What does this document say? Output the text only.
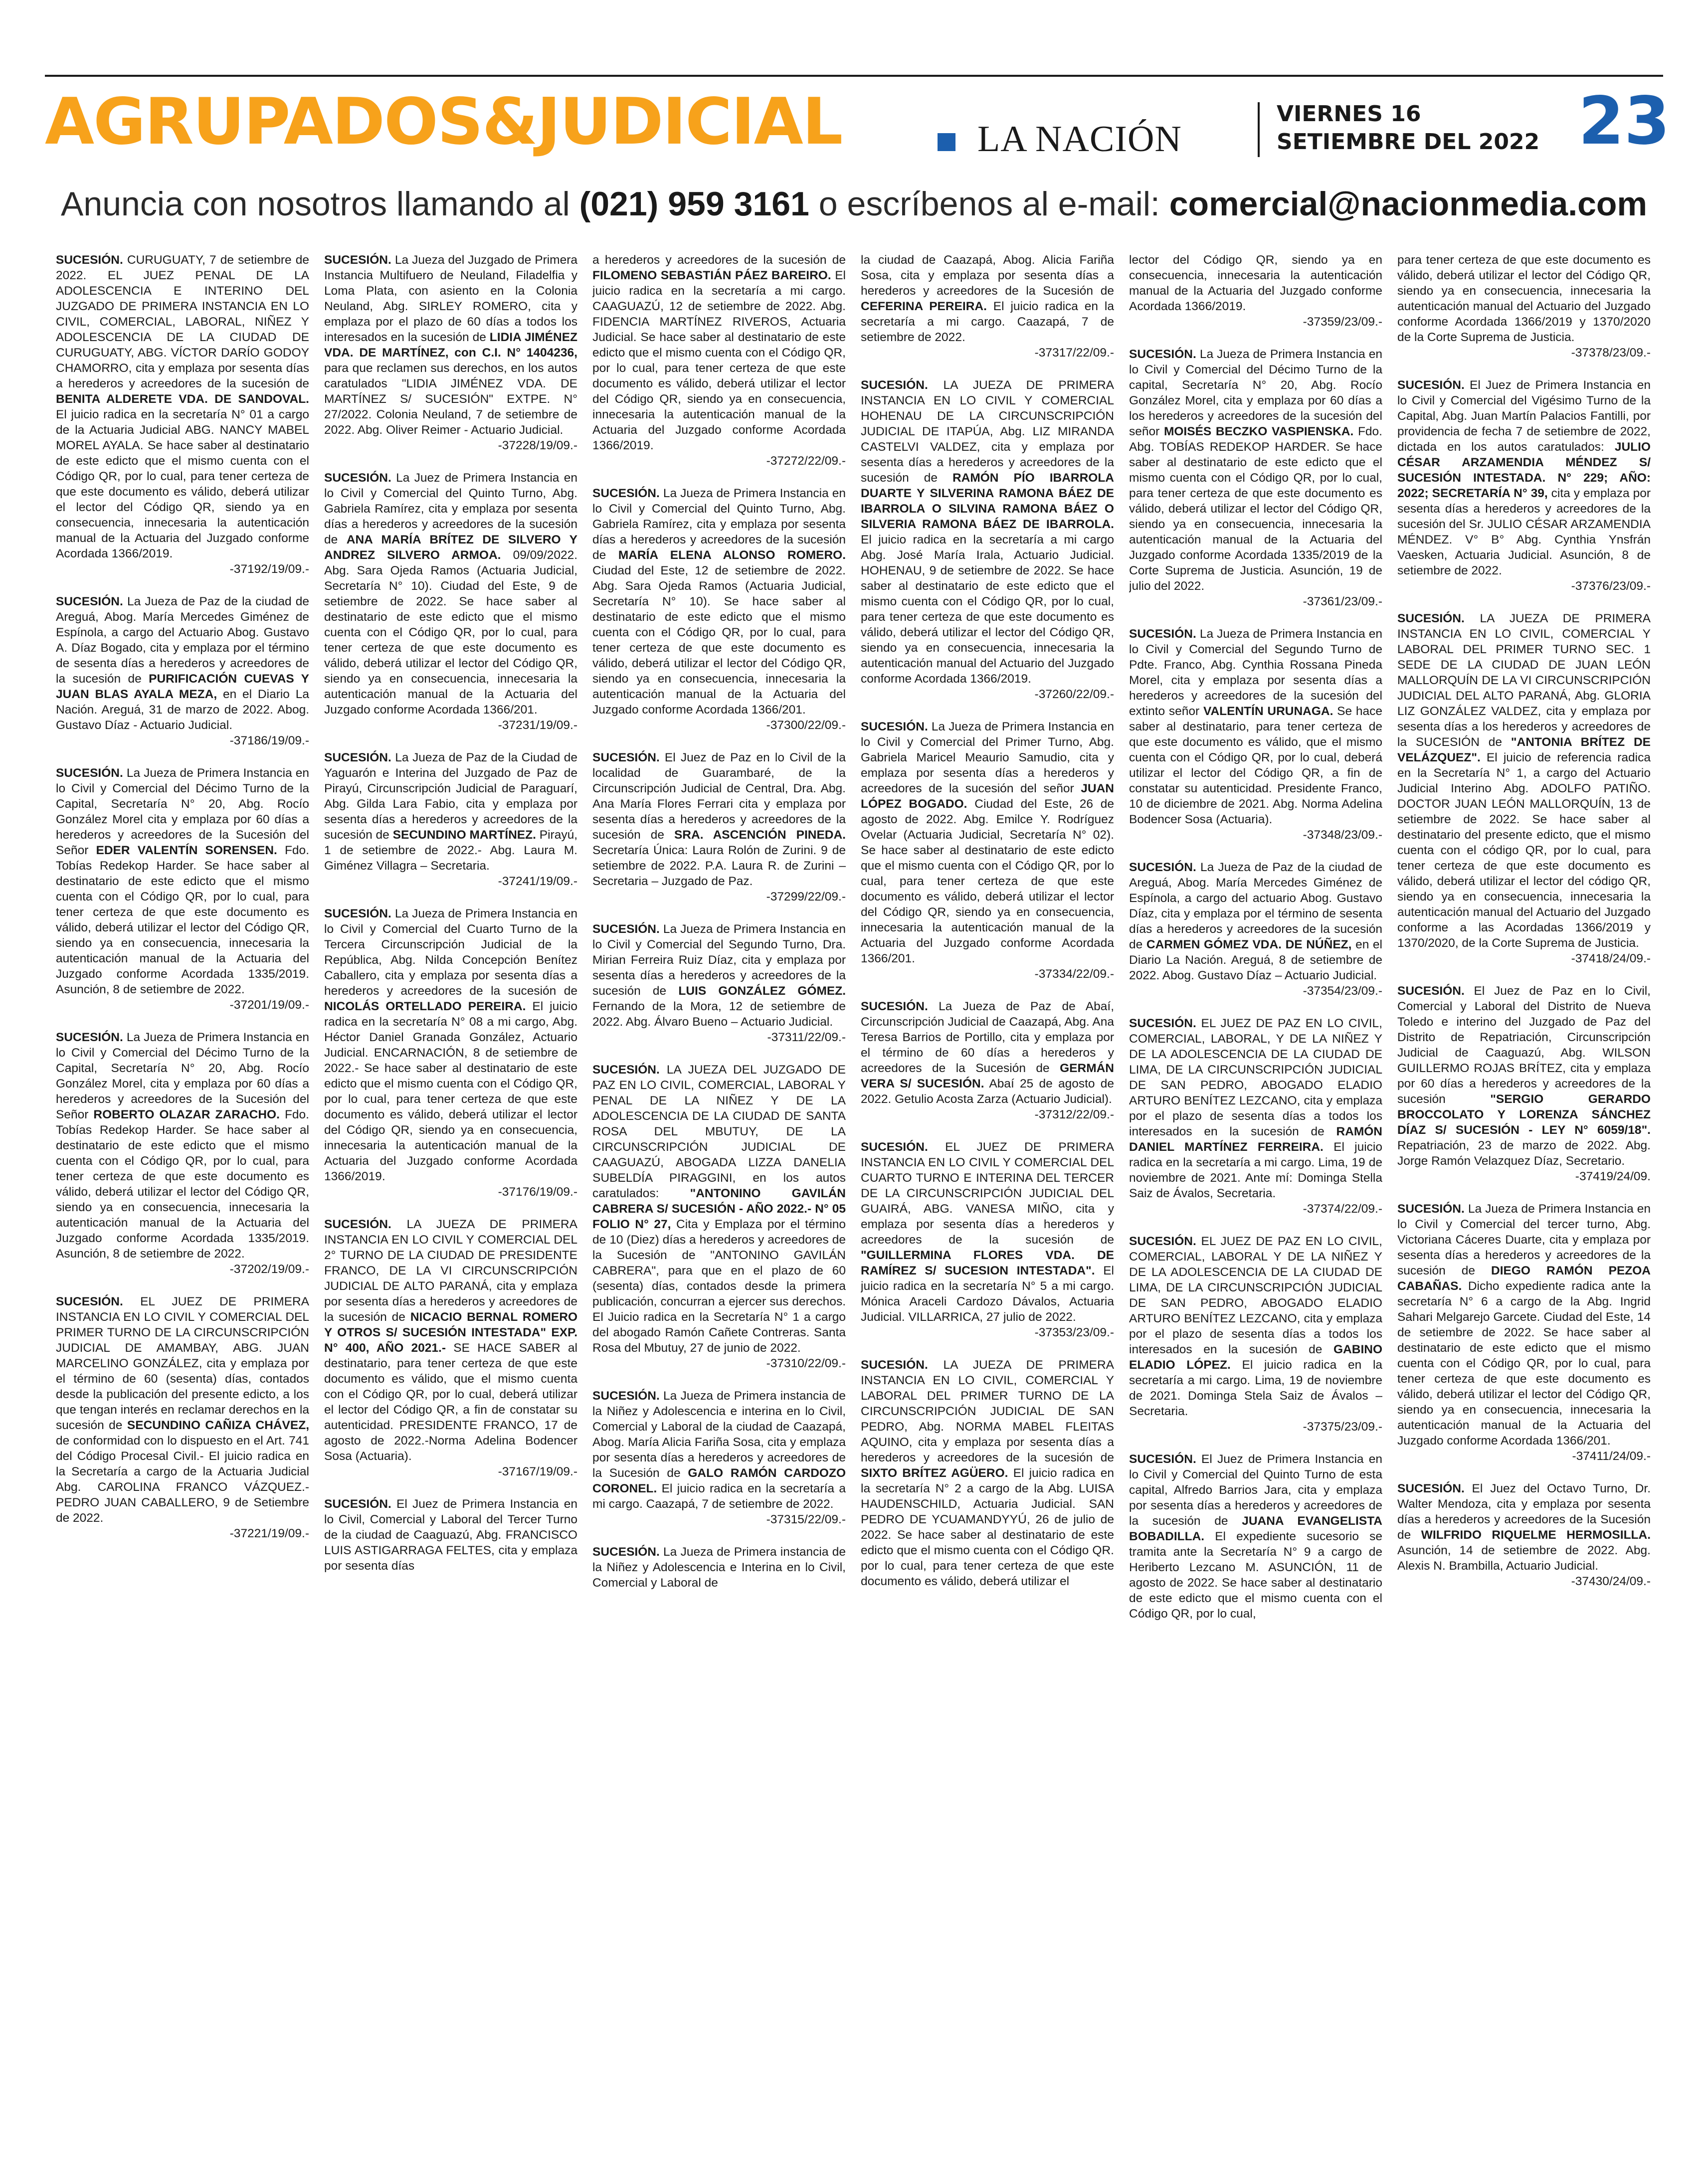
AGRUPADOS&JUDICIAL	LA NACIÓN
VIERNES 16
SETIEMBRE DEL 2022 23
Anuncia con nosotros llamando al (021) 959 3161 o escríbenos al e-mail: comercial@nacionmedia.com

SUCESIÓN. CURUGUATY, 7 de setiembre de 2022. EL JUEZ PENAL DE LA ADOLESCENCIA E INTERINO DEL JUZGADO DE PRIMERA INSTANCIA EN LO CIVIL, COMERCIAL, LABORAL, NIÑEZ Y ADOLESCENCIA DE LA CIUDAD DE CURUGUATY, ABG. VÍCTOR DARÍO GODOY CHAMORRO, cita y emplaza por sesenta días a herederos y acreedores de la sucesión de BENITA ALDERETE VDA. DE SANDOVAL. El juicio radica en la secretaría N° 01 a cargo de la Actuaria Judicial ABG. NANCY MABEL MOREL AYALA. Se hace saber al destinatario de este edicto que el mismo cuenta con el Código QR, por lo cual, para tener certeza de que este documento es válido, deberá utilizar el lector del Código QR, siendo ya en consecuencia, innecesaria la autenticación manual de la Actuaria del Juzgado conforme Acordada 1366/2019.
-37192/19/09.-

SUCESIÓN. La Jueza de Paz de la ciudad de Areguá, Abog. María Mercedes Giménez de Espínola, a cargo del Actuario Abog. Gustavo A. Díaz Bogado, cita y emplaza por el término de sesenta días a herederos y acreedores de la sucesión de PURIFICACIÓN CUEVAS Y JUAN BLAS AYALA MEZA, en el Diario La Nación. Areguá, 31 de marzo de 2022. Abog. Gustavo Díaz - Actuario Judicial.
-37186/19/09.-

SUCESIÓN. La Jueza de Primera Instancia en lo Civil y Comercial del Décimo Turno de la Capital, Secretaría N° 20, Abg. Rocío González Morel cita y emplaza por 60 días a herederos y acreedores de la Sucesión del Señor EDER VALENTÍN SORENSEN. Fdo. Tobías Redekop Harder. Se hace saber al destinatario de este edicto que el mismo cuenta con el Código QR, por lo cual, para tener certeza de que este documento es válido, deberá utilizar el lector del Código QR, siendo ya en consecuencia, innecesaria la autenticación manual de la Actuaria del Juzgado conforme Acordada 1335/2019. Asunción, 8 de setiembre de 2022.
-37201/19/09.-

SUCESIÓN. La Jueza de Primera Instancia en lo Civil y Comercial del Décimo Turno de la Capital, Secretaría N° 20, Abg. Rocío González Morel, cita y emplaza por 60 días a herederos y acreedores de la Sucesión del Señor ROBERTO OLAZAR ZARACHO. Fdo. Tobías Redekop Harder. Se hace saber al destinatario de este edicto que el mismo cuenta con el Código QR, por lo cual, para tener certeza de que este documento es válido, deberá utilizar el lector del Código QR, siendo ya en consecuencia, innecesaria la autenticación manual de la Actuaria del Juzgado conforme Acordada 1335/2019. Asunción, 8 de setiembre de 2022.
-37202/19/09.-

SUCESIÓN. EL JUEZ DE PRIMERA INSTANCIA EN LO CIVIL Y COMERCIAL DEL PRIMER TURNO DE LA CIRCUNSCRIPCIÓN JUDICIAL DE AMAMBAY, ABG. JUAN MARCELINO GONZÁLEZ, cita y emplaza por el término de 60 (sesenta) días, contados desde la publicación del presente edicto, a los que tengan interés en reclamar derechos en la sucesión de SECUNDINO CAÑIZA CHÁVEZ, de conformidad con lo dispuesto en el Art. 741 del Código Procesal Civil.- El juicio radica en la Secretaría a cargo de la Actuaria Judicial Abg. CAROLINA FRANCO VÁZQUEZ.- PEDRO JUAN CABALLERO, 9 de Setiembre de 2022.
-37221/19/09.-

SUCESIÓN. La Jueza del Juzgado de Primera Instancia Multifuero de Neuland, Filadelfia y Loma Plata, con asiento en la Colonia Neuland, Abg. SIRLEY ROMERO, cita y emplaza por el plazo de 60 días a todos los interesados en la sucesión de LIDIA JIMÉNEZ VDA. DE MARTÍNEZ, con C.I. N° 1404236, para que reclamen sus derechos, en los autos caratulados "LIDIA JIMÉNEZ VDA. DE MARTÍNEZ S/ SUCESIÓN" EXTPE. N° 27/2022. Colonia Neuland, 7 de setiembre de 2022. Abg. Oliver Reimer - Actuario Judicial.
-37228/19/09.-

SUCESIÓN. La Juez de Primera Instancia en lo Civil y Comercial del Quinto Turno, Abg. Gabriela Ramírez, cita y emplaza por sesenta días a herederos y acreedores de la sucesión de ANA MARÍA BRÍTEZ DE SILVERO Y ANDREZ SILVERO ARMOA. 09/09/2022. Abg. Sara Ojeda Ramos (Actuaria Judicial, Secretaría N° 10). Ciudad del Este, 9 de setiembre de 2022. Se hace saber al destinatario de este edicto que el mismo cuenta con el Código QR, por lo cual, para tener certeza de que este documento es válido, deberá utilizar el lector del Código QR, siendo ya en consecuencia, innecesaria la autenticación manual de la Actuaria del Juzgado conforme Acordada 1366/201.
-37231/19/09.-

SUCESIÓN. La Jueza de Paz de la Ciudad de Yaguarón e Interina del Juzgado de Paz de Pirayú, Circunscripción Judicial de Paraguarí, Abg. Gilda Lara Fabio, cita y emplaza por sesenta días a herederos y acreedores de la sucesión de SECUNDINO MARTÍNEZ. Pirayú, 1 de setiembre de 2022.- Abg. Laura M. Giménez Villagra – Secretaria.
-37241/19/09.-

SUCESIÓN. La Jueza de Primera Instancia en lo Civil y Comercial del Cuarto Turno de la Tercera Circunscripción Judicial de la República, Abg. Nilda Concepción Benítez Caballero, cita y emplaza por sesenta días a herederos y acreedores de la sucesión de NICOLÁS ORTELLADO PEREIRA. El juicio radica en la secretaría N° 08 a mi cargo, Abg. Héctor Daniel Granada González, Actuario Judicial. ENCARNACIÓN, 8 de setiembre de 2022.- Se hace saber al destinatario de este edicto que el mismo cuenta con el Código QR, por lo cual, para tener certeza de que este documento es válido, deberá utilizar el lector del Código QR, siendo ya en consecuencia, innecesaria la autenticación manual de la Actuaria del Juzgado conforme Acordada 1366/2019.
-37176/19/09.-

SUCESIÓN. LA JUEZA DE PRIMERA INSTANCIA EN LO CIVIL Y COMERCIAL DEL 2° TURNO DE LA CIUDAD DE PRESIDENTE FRANCO, DE LA VI CIRCUNSCRIPCIÓN JUDICIAL DE ALTO PARANÁ, cita y emplaza por sesenta días a herederos y acreedores de la sucesión de NICACIO BERNAL ROMERO Y OTROS S/ SUCESIÓN INTESTADA" EXP. N° 400, AÑO 2021.- SE HACE SABER al destinatario, para tener certeza de que este documento es válido, que el mismo cuenta con el Código QR, por lo cual, deberá utilizar el lector del Código QR, a fin de constatar su autenticidad. PRESIDENTE FRANCO, 17 de agosto de 2022.-Norma Adelina Bodencer Sosa (Actuaria).
-37167/19/09.-

SUCESIÓN. El Juez de Primera Instancia en lo Civil, Comercial y Laboral del Tercer Turno de la ciudad de Caaguazú, Abg. FRANCISCO LUIS ASTIGARRAGA FELTES, cita y emplaza por sesenta días

a herederos y acreedores de la sucesión de FILOMENO SEBASTIÁN PÁEZ BAREIRO. El juicio radica en la secretaría a mi cargo. CAAGUAZÚ, 12 de setiembre de 2022. Abg. FIDENCIA MARTÍNEZ RIVEROS, Actuaria Judicial. Se hace saber al destinatario de este edicto que el mismo cuenta con el Código QR, por lo cual, para tener certeza de que este documento es válido, deberá utilizar el lector del Código QR, siendo ya en consecuencia, innecesaria la autenticación manual de la Actuaria del Juzgado conforme Acordada 1366/2019.
-37272/22/09.-

SUCESIÓN. La Jueza de Primera Instancia en lo Civil y Comercial del Quinto Turno, Abg. Gabriela Ramírez, cita y emplaza por sesenta días a herederos y acreedores de la sucesión de MARÍA ELENA ALONSO ROMERO. Ciudad del Este, 12 de setiembre de 2022. Abg. Sara Ojeda Ramos (Actuaria Judicial, Secretaría N° 10). Se hace saber al destinatario de este edicto que el mismo cuenta con el Código QR, por lo cual, para tener certeza de que este documento es válido, deberá utilizar el lector del Código QR, siendo ya en consecuencia, innecesaria la autenticación manual de la Actuaria del Juzgado conforme Acordada 1366/201.
-37300/22/09.-

SUCESIÓN. El Juez de Paz en lo Civil de la localidad de Guarambaré, de la Circunscripción Judicial de Central, Dra. Abg. Ana María Flores Ferrari cita y emplaza por sesenta días a herederos y acreedores de la sucesión de SRA. ASCENCIÓN PINEDA. Secretaría Única: Laura Rolón de Zurini. 9 de setiembre de 2022. P.A. Laura R. de Zurini – Secretaria – Juzgado de Paz.
-37299/22/09.-

SUCESIÓN. La Jueza de Primera Instancia en lo Civil y Comercial del Segundo Turno, Dra. Mirian Ferreira Ruiz Díaz, cita y emplaza por sesenta días a herederos y acreedores de la sucesión de LUIS GONZÁLEZ GÓMEZ. Fernando de la Mora, 12 de setiembre de 2022. Abg. Álvaro Bueno – Actuario Judicial.
-37311/22/09.-

SUCESIÓN. LA JUEZA DEL JUZGADO DE PAZ EN LO CIVIL, COMERCIAL, LABORAL Y PENAL DE LA NIÑEZ Y DE LA ADOLESCENCIA DE LA CIUDAD DE SANTA ROSA DEL MBUTUY, DE LA CIRCUNSCRIPCIÓN JUDICIAL DE CAAGUAZÚ, ABOGADA LIZZA DANELIA SUBELDÍA PIRAGGINI, en los autos caratulados: "ANTONINO GAVILÁN CABRERA S/ SUCESIÓN - AÑO 2022.- N° 05 FOLIO N° 27, Cita y Emplaza por el término de 10 (Diez) días a herederos y acreedores de la Sucesión de "ANTONINO GAVILÁN CABRERA", para que en el plazo de 60 (sesenta) días, contados desde la primera publicación, concurran a ejercer sus derechos. El Juicio radica en la Secretaría N° 1 a cargo del abogado Ramón Cañete Contreras. Santa Rosa del Mbutuy, 27 de junio de 2022.
-37310/22/09.-

SUCESIÓN. La Jueza de Primera instancia de la Niñez y Adolescencia e interina en lo Civil, Comercial y Laboral de la ciudad de Caazapá, Abog. María Alicia Fariña Sosa, cita y emplaza por sesenta días a herederos y acreedores de la Sucesión de GALO RAMÓN CARDOZO CORONEL. El juicio radica en la secretaría a mi cargo. Caazapá, 7 de setiembre de 2022.
-37315/22/09.-

SUCESIÓN. La Jueza de Primera instancia de la Niñez y Adolescencia e Interina en lo Civil, Comercial y Laboral de

la ciudad de Caazapá, Abog. Alicia Fariña Sosa, cita y emplaza por sesenta días a herederos y acreedores de la Sucesión de CEFERINA PEREIRA. El juicio radica en la secretaría a mi cargo. Caazapá, 7 de setiembre de 2022.
-37317/22/09.-

SUCESIÓN. LA JUEZA DE PRIMERA INSTANCIA EN LO CIVIL Y COMERCIAL HOHENAU DE LA CIRCUNSCRIPCIÓN JUDICIAL DE ITAPÚA, Abg. LIZ MIRANDA CASTELVI VALDEZ, cita y emplaza por sesenta días a herederos y acreedores de la sucesión de RAMÓN PÍO IBARROLA DUARTE Y SILVERINA RAMONA BÁEZ DE IBARROLA O SILVINA RAMONA BÁEZ O SILVERIA RAMONA BÁEZ DE IBARROLA. El juicio radica en la secretaría a mi cargo Abg. José María Irala, Actuario Judicial. HOHENAU, 9 de setiembre de 2022. Se hace saber al destinatario de este edicto que el mismo cuenta con el Código QR, por lo cual, para tener certeza de que este documento es válido, deberá utilizar el lector del Código QR, siendo ya en consecuencia, innecesaria la autenticación manual del Actuario del Juzgado conforme Acordada 1366/2019.
-37260/22/09.-

SUCESIÓN. La Jueza de Primera Instancia en lo Civil y Comercial del Primer Turno, Abg. Gabriela Maricel Meaurio Samudio, cita y emplaza por sesenta días a herederos y acreedores de la sucesión del señor JUAN LÓPEZ BOGADO. Ciudad del Este, 26 de agosto de 2022. Abg. Emilce Y. Rodríguez Ovelar (Actuaria Judicial, Secretaría N° 02). Se hace saber al destinatario de este edicto que el mismo cuenta con el Código QR, por lo cual, para tener certeza de que este documento es válido, deberá utilizar el lector del Código QR, siendo ya en consecuencia, innecesaria la autenticación manual de la Actuaria del Juzgado conforme Acordada 1366/201.
-37334/22/09.-

SUCESIÓN. La Jueza de Paz de Abaí, Circunscripción Judicial de Caazapá, Abg. Ana Teresa Barrios de Portillo, cita y emplaza por el término de 60 días a herederos y acreedores de la Sucesión de GERMÁN VERA S/ SUCESIÓN. Abaí 25 de agosto de 2022. Getulio Acosta Zarza (Actuario Judicial).
-37312/22/09.-

SUCESIÓN. EL JUEZ DE PRIMERA INSTANCIA EN LO CIVIL Y COMERCIAL DEL CUARTO TURNO E INTERINA DEL TERCER DE LA CIRCUNSCRIPCIÓN JUDICIAL DEL GUAIRÁ, ABG. VANESA MIÑO, cita y emplaza por sesenta días a herederos y acreedores de la sucesión de "GUILLERMINA FLORES VDA. DE RAMÍREZ S/ SUCESION INTESTADA". El juicio radica en la secretaría N° 5 a mi cargo. Mónica Araceli Cardozo Dávalos, Actuaria Judicial. VILLARRICA, 27 julio de 2022.
-37353/23/09.-

SUCESIÓN. LA JUEZA DE PRIMERA INSTANCIA EN LO CIVIL, COMERCIAL Y LABORAL DEL PRIMER TURNO DE LA CIRCUNSCRIPCIÓN JUDICIAL DE SAN PEDRO, Abg. NORMA MABEL FLEITAS AQUINO, cita y emplaza por sesenta días a herederos y acreedores de la sucesión de SIXTO BRÍTEZ AGÜERO. El juicio radica en la secretaría N° 2 a cargo de la Abg. LUISA HAUDENSCHILD, Actuaria Judicial. SAN PEDRO DE YCUAMANDYYÚ, 26 de julio de 2022. Se hace saber al destinatario de este edicto que el mismo cuenta con el Código QR. por lo cual, para tener certeza de que este documento es válido, deberá utilizar el

lector del Código QR, siendo ya en consecuencia, innecesaria la autenticación manual de la Actuaria del Juzgado conforme Acordada 1366/2019.
-37359/23/09.-

SUCESIÓN. La Jueza de Primera Instancia en lo Civil y Comercial del Décimo Turno de la capital, Secretaría N° 20, Abg. Rocío González Morel, cita y emplaza por 60 días a los herederos y acreedores de la sucesión del señor MOISÉS BECZKO VASPIENSKA. Fdo. Abg. TOBÍAS REDEKOP HARDER. Se hace saber al destinatario de este edicto que el mismo cuenta con el Código QR, por lo cual, para tener certeza de que este documento es válido, deberá utilizar el lector del Código QR, siendo ya en consecuencia, innecesaria la autenticación manual de la Actuaria del Juzgado conforme Acordada 1335/2019 de la Corte Suprema de Justicia. Asunción, 19 de julio del 2022.
-37361/23/09.-

SUCESIÓN. La Jueza de Primera Instancia en lo Civil y Comercial del Segundo Turno de Pdte. Franco, Abg. Cynthia Rossana Pineda Morel, cita y emplaza por sesenta días a herederos y acreedores de la sucesión del extinto señor VALENTÍN URUNAGA. Se hace saber al destinatario, para tener certeza de que este documento es válido, que el mismo cuenta con el Código QR, por lo cual, deberá utilizar el lector del Código QR, a fin de constatar su autenticidad. Presidente Franco, 10 de diciembre de 2021. Abg. Norma Adelina Bodencer Sosa (Actuaria).
-37348/23/09.-

SUCESIÓN. La Jueza de Paz de la ciudad de Areguá, Abog. María Mercedes Giménez de Espínola, a cargo del actuario Abog. Gustavo Díaz, cita y emplaza por el término de sesenta días a herederos y acreedores de la sucesión de CARMEN GÓMEZ VDA. DE NÚÑEZ, en el Diario La Nación. Areguá, 8 de setiembre de 2022. Abog. Gustavo Díaz – Actuario Judicial.
-37354/23/09.-

SUCESIÓN. EL JUEZ DE PAZ EN LO CIVIL, COMERCIAL, LABORAL, Y DE LA NIÑEZ Y DE LA ADOLESCENCIA DE LA CIUDAD DE LIMA, DE LA CIRCUNSCRIPCIÓN JUDICIAL DE SAN PEDRO, ABOGADO ELADIO ARTURO BENÍTEZ LEZCANO, cita y emplaza por el plazo de sesenta días a todos los interesados en la sucesión de RAMÓN DANIEL MARTÍNEZ FERREIRA. El juicio radica en la secretaría a mi cargo. Lima, 19 de noviembre de 2021. Ante mí: Dominga Stella Saiz de Ávalos, Secretaria.
-37374/22/09.-

SUCESIÓN. EL JUEZ DE PAZ EN LO CIVIL, COMERCIAL, LABORAL Y DE LA NIÑEZ Y DE LA ADOLESCENCIA DE LA CIUDAD DE LIMA, DE LA CIRCUNSCRIPCIÓN JUDICIAL DE SAN PEDRO, ABOGADO ELADIO ARTURO BENÍTEZ LEZCANO, cita y emplaza por el plazo de sesenta días a todos los interesados en la sucesión de GABINO ELADIO LÓPEZ. El juicio radica en la secretaría a mi cargo. Lima, 19 de noviembre de 2021. Dominga Stela Saiz de Ávalos – Secretaria.
-37375/23/09.-

SUCESIÓN. El Juez de Primera Instancia en lo Civil y Comercial del Quinto Turno de esta capital, Alfredo Barrios Jara, cita y emplaza por sesenta días a herederos y acreedores de la sucesión de JUANA EVANGELISTA BOBADILLA. El expediente sucesorio se tramita ante la Secretaría N° 9 a cargo de Heriberto Lezcano M. ASUNCIÓN, 11 de agosto de 2022. Se hace saber al destinatario de este edicto que el mismo cuenta con el Código QR, por lo cual,

para tener certeza de que este documento es válido, deberá utilizar el lector del Código QR, siendo ya en consecuencia, innecesaria la autenticación manual del Actuario del Juzgado conforme Acordada 1366/2019 y 1370/2020 de la Corte Suprema de Justicia.
-37378/23/09.-

SUCESIÓN. El Juez de Primera Instancia en lo Civil y Comercial del Vigésimo Turno de la Capital, Abg. Juan Martín Palacios Fantilli, por providencia de fecha 7 de setiembre de 2022, dictada en los autos caratulados: JULIO CÉSAR ARZAMENDIA MÉNDEZ S/ SUCESIÓN INTESTADA. N° 229; AÑO: 2022; SECRETARÍA N° 39, cita y emplaza por sesenta días a herederos y acreedores de la sucesión del Sr. JULIO CÉSAR ARZAMENDIA MÉNDEZ. V° B° Abg. Cynthia Ynsfrán Vaesken, Actuaria Judicial. Asunción, 8 de setiembre de 2022.
-37376/23/09.-

SUCESIÓN. LA JUEZA DE PRIMERA INSTANCIA EN LO CIVIL, COMERCIAL Y LABORAL DEL PRIMER TURNO SEC. 1 SEDE DE LA CIUDAD DE JUAN LEÓN MALLORQUÍN DE LA VI CIRCUNSCRIPCIÓN JUDICIAL DEL ALTO PARANÁ, Abg. GLORIA LIZ GONZÁLEZ VALDEZ, cita y emplaza por sesenta días a los herederos y acreedores de la SUCESIÓN de "ANTONIA BRÍTEZ DE VELÁZQUEZ". El juicio de referencia radica en la Secretaría N° 1, a cargo del Actuario Judicial Interino Abg. ADOLFO PATIÑO. DOCTOR JUAN LEÓN MALLORQUÍN, 13 de setiembre de 2022. Se hace saber al destinatario del presente edicto, que el mismo cuenta con el código QR, por lo cual, para tener certeza de que este documento es válido, deberá utilizar el lector del código QR, siendo ya en consecuencia, innecesaria la autenticación manual del Actuario del Juzgado conforme a las Acordadas 1366/2019 y 1370/2020, de la Corte Suprema de Justicia.
-37418/24/09.-

SUCESIÓN. El Juez de Paz en lo Civil, Comercial y Laboral del Distrito de Nueva Toledo e interino del Juzgado de Paz del Distrito de Repatriación, Circunscripción Judicial de Caaguazú, Abg. WILSON GUILLERMO ROJAS BRÍTEZ, cita y emplaza por 60 días a herederos y acreedores de la sucesión "SERGIO GERARDO BROCCOLATO Y LORENZA SÁNCHEZ DÍAZ S/ SUCESIÓN - LEY N° 6059/18". Repatriación, 23 de marzo de 2022. Abg. Jorge Ramón Velazquez Díaz, Secretario.
-37419/24/09.

SUCESIÓN. La Jueza de Primera Instancia en lo Civil y Comercial del tercer turno, Abg. Victoriana Cáceres Duarte, cita y emplaza por sesenta días a herederos y acreedores de la sucesión de DIEGO RAMÓN PEZOA CABAÑAS. Dicho expediente radica ante la secretaría N° 6 a cargo de la Abg. Ingrid Sahari Melgarejo Garcete. Ciudad del Este, 14 de setiembre de 2022. Se hace saber al destinatario de este edicto que el mismo cuenta con el Código QR, por lo cual, para tener certeza de que este documento es válido, deberá utilizar el lector del Código QR, siendo ya en consecuencia, innecesaria la autenticación manual de la Actuaria del Juzgado conforme Acordada 1366/201.
-37411/24/09.-

SUCESIÓN. El Juez del Octavo Turno, Dr. Walter Mendoza, cita y emplaza por sesenta días a herederos y acreedores de la Sucesión de WILFRIDO RIQUELME HERMOSILLA. Asunción, 14 de setiembre de 2022. Abg. Alexis N. Brambilla, Actuario Judicial.
-37430/24/09.-
